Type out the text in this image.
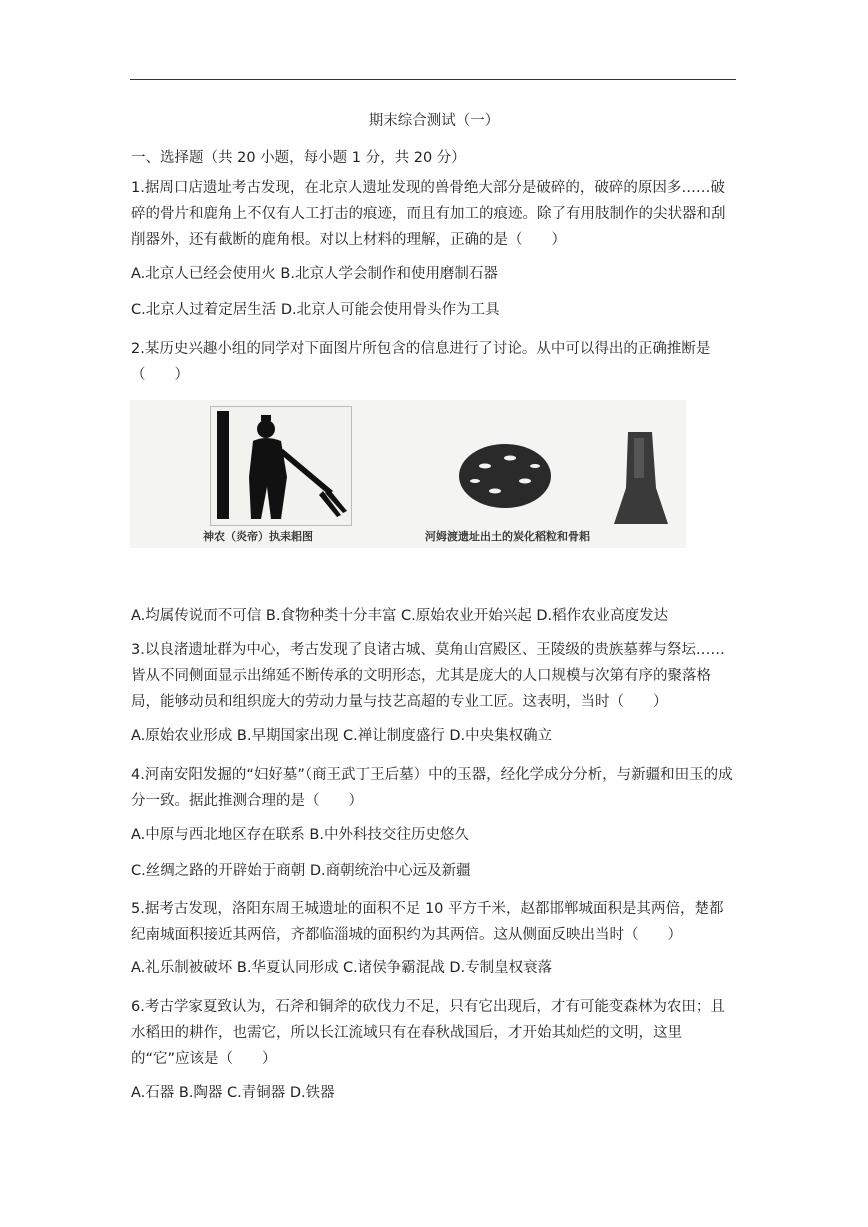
期末综合测试（一）
一、选择题（共 20 小题，每小题 1 分，共 20 分）

1.据周口店遗址考古发现，在北京人遗址发现的兽骨绝大部分是破碎的，破碎的原因多……破碎的骨片和鹿角上不仅有人工打击的痕迹，而且有加工的痕迹。除了有用肢制作的尖状器和刮削器外，还有截断的鹿角根。对以上材料的理解，正确的是（　　）

A.北京人已经会使用火 B.北京人学会制作和使用磨制石器

C.北京人过着定居生活 D.北京人可能会使用骨头作为工具

2.某历史兴趣小组的同学对下面图片所包含的信息进行了讨论。从中可以得出的正确推断是（　　）

神农（炎帝）执耒耜图	河姆渡遗址出土的炭化稻粒和骨耜

A.均属传说而不可信 B.食物种类十分丰富 C.原始农业开始兴起 D.稻作农业高度发达

3.以良渚遗址群为中心，考古发现了良诸古城、莫角山宫殿区、王陵级的贵族墓葬与祭坛……皆从不同侧面显示出绵延不断传承的文明形态，尤其是庞大的人口规模与次第有序的聚落格局，能够动员和组织庞大的劳动力量与技艺高超的专业工匠。这表明，当时（　　）

A.原始农业形成 B.早期国家出现 C.禅让制度盛行 D.中央集权确立

4.河南安阳发掘的“妇好墓”（商王武丁王后墓）中的玉器，经化学成分分析，与新疆和田玉的成分一致。据此推测合理的是（　　）

A.中原与西北地区存在联系 B.中外科技交往历史悠久

C.丝绸之路的开辟始于商朝 D.商朝统治中心远及新疆

5.据考古发现，洛阳东周王城遗址的面积不足 10 平方千米，赵都邯郸城面积是其两倍，楚都纪南城面积接近其两倍，齐都临淄城的面积约为其两倍。这从侧面反映出当时（　　）

A.礼乐制被破坏 B.华夏认同形成 C.诸侯争霸混战 D.专制皇权衰落

6.考古学家夏致认为，石斧和铜斧的砍伐力不足，只有它出现后，才有可能变森林为农田；且水稻田的耕作，也需它，所以长江流域只有在春秋战国后，才开始其灿烂的文明，这里的“它”应该是（　　）

A.石器 B.陶器 C.青铜器 D.铁器
